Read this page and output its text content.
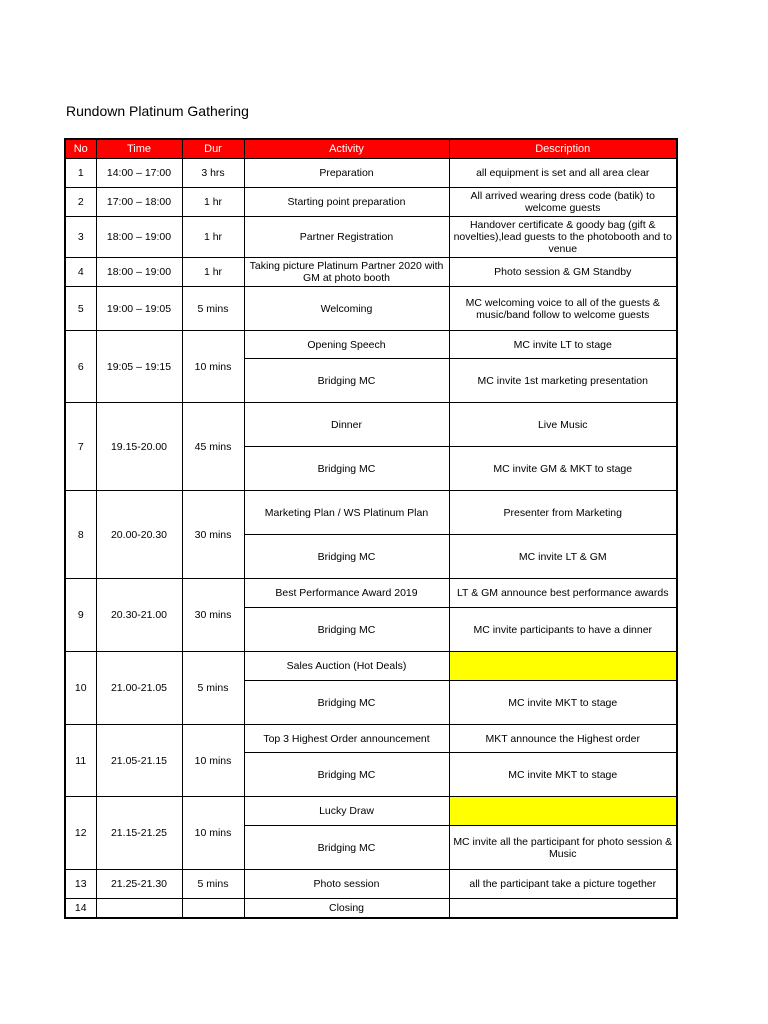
Rundown Platinum Gathering
No	Time	Dur	Activity	Description
1	14:00 – 17:00	3 hrs	Preparation	all equipment is set and all area clear
2	17:00 – 18:00	1 hr	Starting point preparation	All arrived wearing dress code (batik) to welcome guests
3	18:00 – 19:00	1 hr	Partner Registration	Handover certificate & goody bag (gift & novelties),lead guests to the photobooth and to venue
4	18:00 – 19:00	1 hr	Taking picture Platinum Partner 2020 with GM at photo booth	Photo session & GM Standby
5	19:00 – 19:05	5 mins	Welcoming	MC welcoming voice to all of the guests & music/band follow to welcome guests
6	19:05 – 19:15	10 mins	Opening Speech	MC invite LT to stage
			Bridging MC	MC invite 1st marketing presentation
7	19.15-20.00	45 mins	Dinner	Live Music
			Bridging MC	MC invite GM & MKT to stage
8	20.00-20.30	30 mins	Marketing Plan / WS Platinum Plan	Presenter from Marketing
			Bridging MC	MC invite LT & GM
9	20.30-21.00	30 mins	Best Performance Award 2019	LT & GM announce best performance awards
			Bridging MC	MC invite participants to have a dinner
10	21.00-21.05	5 mins	Sales Auction (Hot Deals)	
			Bridging MC	MC invite MKT to stage
11	21.05-21.15	10 mins	Top 3 Highest Order announcement	MKT announce the Highest order
			Bridging MC	MC invite MKT to stage
12	21.15-21.25	10 mins	Lucky Draw	
			Bridging MC	MC invite all the participant for photo session & Music
13	21.25-21.30	5 mins	Photo session	all the participant take a picture together
14			Closing	
